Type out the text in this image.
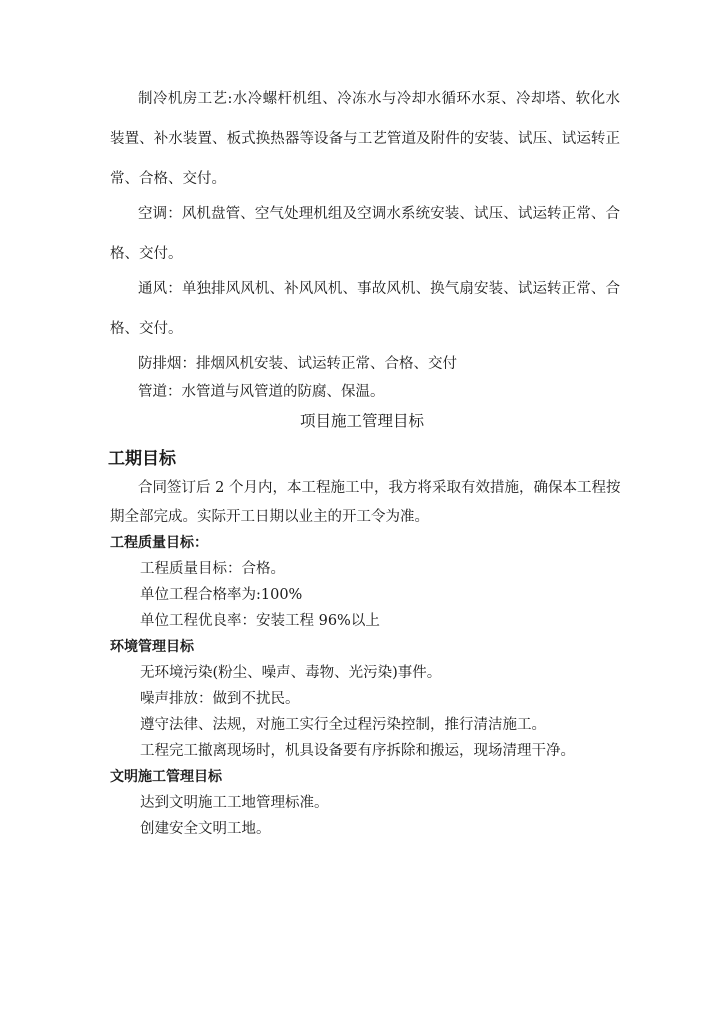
制冷机房工艺:水冷螺杆机组、冷冻水与冷却水循环水泵、冷却塔、软化水
装置、补水装置、板式换热器等设备与工艺管道及附件的安装、试压、试运转正
常、合格、交付。
空调：风机盘管、空气处理机组及空调水系统安装、试压、试运转正常、合
格、交付。
通风：单独排风风机、补风风机、事故风机、换气扇安装、试运转正常、合
格、交付。
防排烟：排烟风机安装、试运转正常、合格、交付
管道：水管道与风管道的防腐、保温。
项目施工管理目标
工期目标
合同签订后 2 个月内，本工程施工中，我方将采取有效措施，确保本工程按
期全部完成。实际开工日期以业主的开工令为准。
工程质量目标：
工程质量目标：合格。
单位工程合格率为:100%
单位工程优良率：安装工程 96%以上
环境管理目标
无环境污染(粉尘、噪声、毒物、光污染)事件。
噪声排放：做到不扰民。
遵守法律、法规，对施工实行全过程污染控制，推行清洁施工。
工程完工撤离现场时，机具设备要有序拆除和搬运，现场清理干净。
文明施工管理目标
达到文明施工工地管理标准。
创建安全文明工地。
